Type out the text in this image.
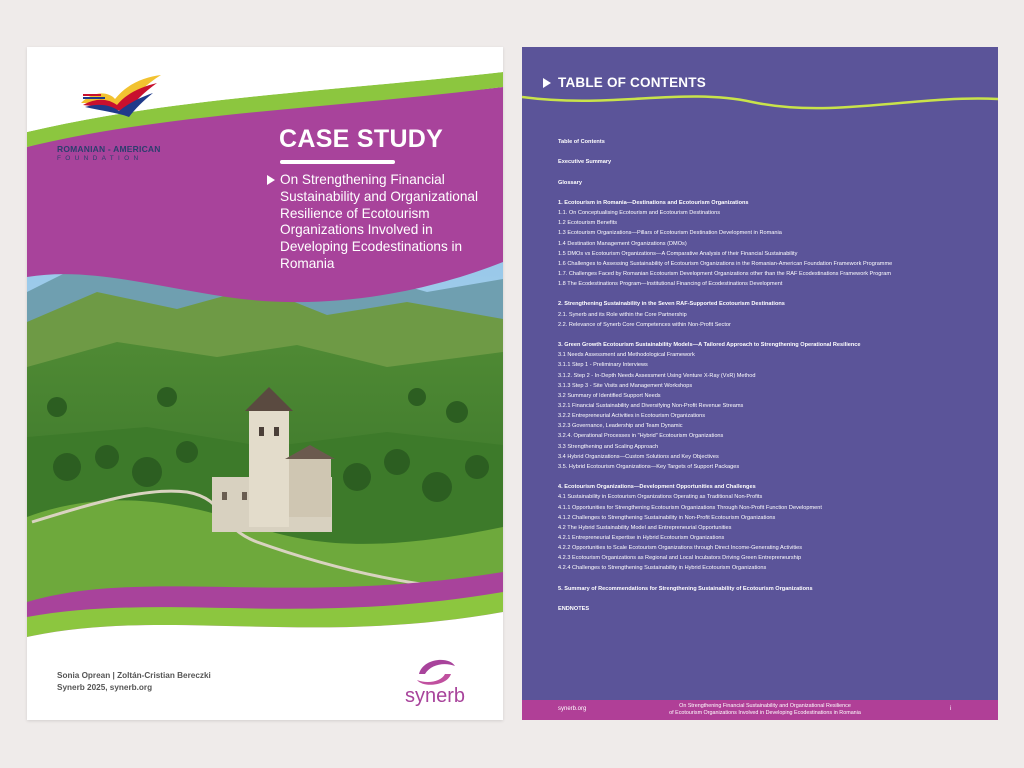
ROMANIAN - AMERICAN
FOUNDATION
CASE STUDY
On Strengthening Financial Sustainability and Organizational Resilience of Ecotourism Organizations Involved in Developing Ecodestinations in Romania
Sonia Oprean | Zoltán-Cristian Bereczki
Synerb 2025, synerb.org	synerb
TABLE OF CONTENTS
Table of Contents
Executive Summary
Glossary
1. Ecotourism in Romania—Destinations and Ecotourism Organizations
1.1. On Conceptualising Ecotourism and Ecotourism Destinations
1.2 Ecotourism Benefits
1.3 Ecotourism Organizations—Pillars of Ecotourism Destination Development in Romania
1.4 Destination Management Organizations (DMOs)
1.5 DMOs vs Ecotourism Organizations—A Comparative Analysis of their Financial Sustainability
1.6 Challenges to Assessing Sustainability of Ecotourism Organizations in the Romanian-American Foundation Framework Programme
1.7. Challenges Faced by Romanian Ecotourism Development Organizations other than the RAF Ecodestinations Framework Program
1.8 The Ecodestinations Program—Institutional Financing of Ecodestinations Development
2. Strengthening Sustainability in the Seven RAF-Supported Ecotourism Destinations
2.1. Synerb and its Role within the Core Partnership
2.2. Relevance of Synerb Core Competences within Non-Profit Sector
3. Green Growth Ecotourism Sustainability Models—A Tailored Approach to Strengthening Operational Resilience
3.1 Needs Assessment and Methodological Framework
3.1.1 Step 1 - Preliminary Interviews
3.1.2. Step 2 - In-Depth Needs Assessment Using Venture X-Ray (VxR) Method
3.1.3 Step 3 - Site Visits and Management Workshops
3.2 Summary of Identified Support Needs
3.2.1 Financial Sustainability and Diversifying Non-Profit Revenue Streams
3.2.2 Entrepreneurial Activities in Ecotourism Organizations
3.2.3 Governance, Leadership and Team Dynamic
3.2.4. Operational Processes in "Hybrid" Ecotourism Organizations
3.3 Strengthening and Scaling Approach
3.4 Hybrid Organizations—Custom Solutions and Key Objectives
3.5. Hybrid Ecotourism Organizations—Key Targets of Support Packages
4. Ecotourism Organizations—Development Opportunities and Challenges
4.1 Sustainability in Ecotourism Organizations Operating as Traditional Non-Profits
4.1.1 Opportunities for Strengthening Ecotourism Organizations Through Non-Profit Function Development
4.1.2 Challenges to Strengthening Sustainability in Non-Profit Ecotourism Organizations
4.2 The Hybrid Sustainability Model and Entrepreneurial Opportunities
4.2.1 Entrepreneurial Expertise in Hybrid Ecotourism Organizations
4.2.2 Opportunities to Scale Ecotourism Organizations through Direct Income-Generating Activities
4.2.3 Ecotourism Organizations as Regional and Local Incubators Driving Green Entrepreneurship
4.2.4 Challenges to Strengthening Sustainability in Hybrid Ecotourism Organizations
5. Summary of Recommendations for Strengthening Sustainability of Ecotourism Organizations
ENDNOTES
synerb.org	On Strengthening Financial Sustainability and Organizational Resilience
of Ecotourism Organizations Involved in Developing Ecodestinations in Romania
i
